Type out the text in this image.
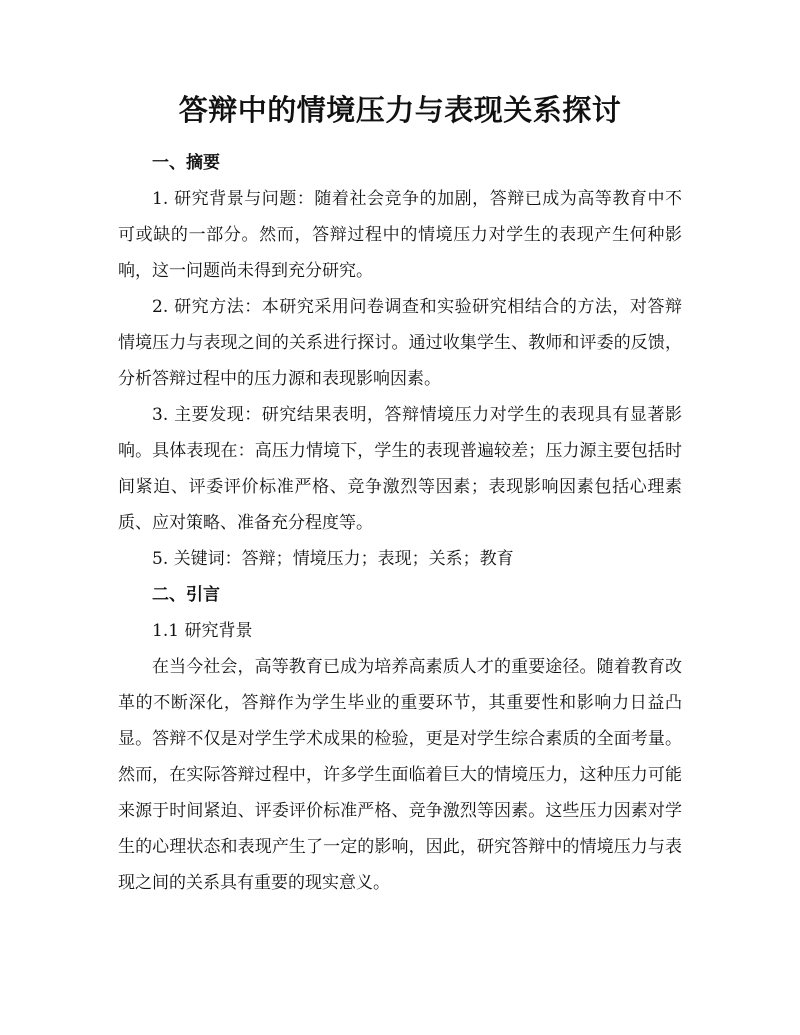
答辩中的情境压力与表现关系探讨

一、摘要

1. 研究背景与问题：随着社会竞争的加剧，答辩已成为高等教育中不可或缺的一部分。然而，答辩过程中的情境压力对学生的表现产生何种影响，这一问题尚未得到充分研究。

2. 研究方法：本研究采用问卷调查和实验研究相结合的方法，对答辩情境压力与表现之间的关系进行探讨。通过收集学生、教师和评委的反馈，分析答辩过程中的压力源和表现影响因素。

3. 主要发现：研究结果表明，答辩情境压力对学生的表现具有显著影响。具体表现在：高压力情境下，学生的表现普遍较差；压力源主要包括时间紧迫、评委评价标准严格、竞争激烈等因素；表现影响因素包括心理素质、应对策略、准备充分程度等。

5. 关键词：答辩；情境压力；表现；关系；教育

二、引言

1.1 研究背景

在当今社会，高等教育已成为培养高素质人才的重要途径。随着教育改革的不断深化，答辩作为学生毕业的重要环节，其重要性和影响力日益凸显。答辩不仅是对学生学术成果的检验，更是对学生综合素质的全面考量。然而，在实际答辩过程中，许多学生面临着巨大的情境压力，这种压力可能来源于时间紧迫、评委评价标准严格、竞争激烈等因素。这些压力因素对学生的心理状态和表现产生了一定的影响，因此，研究答辩中的情境压力与表现之间的关系具有重要的现实意义。
